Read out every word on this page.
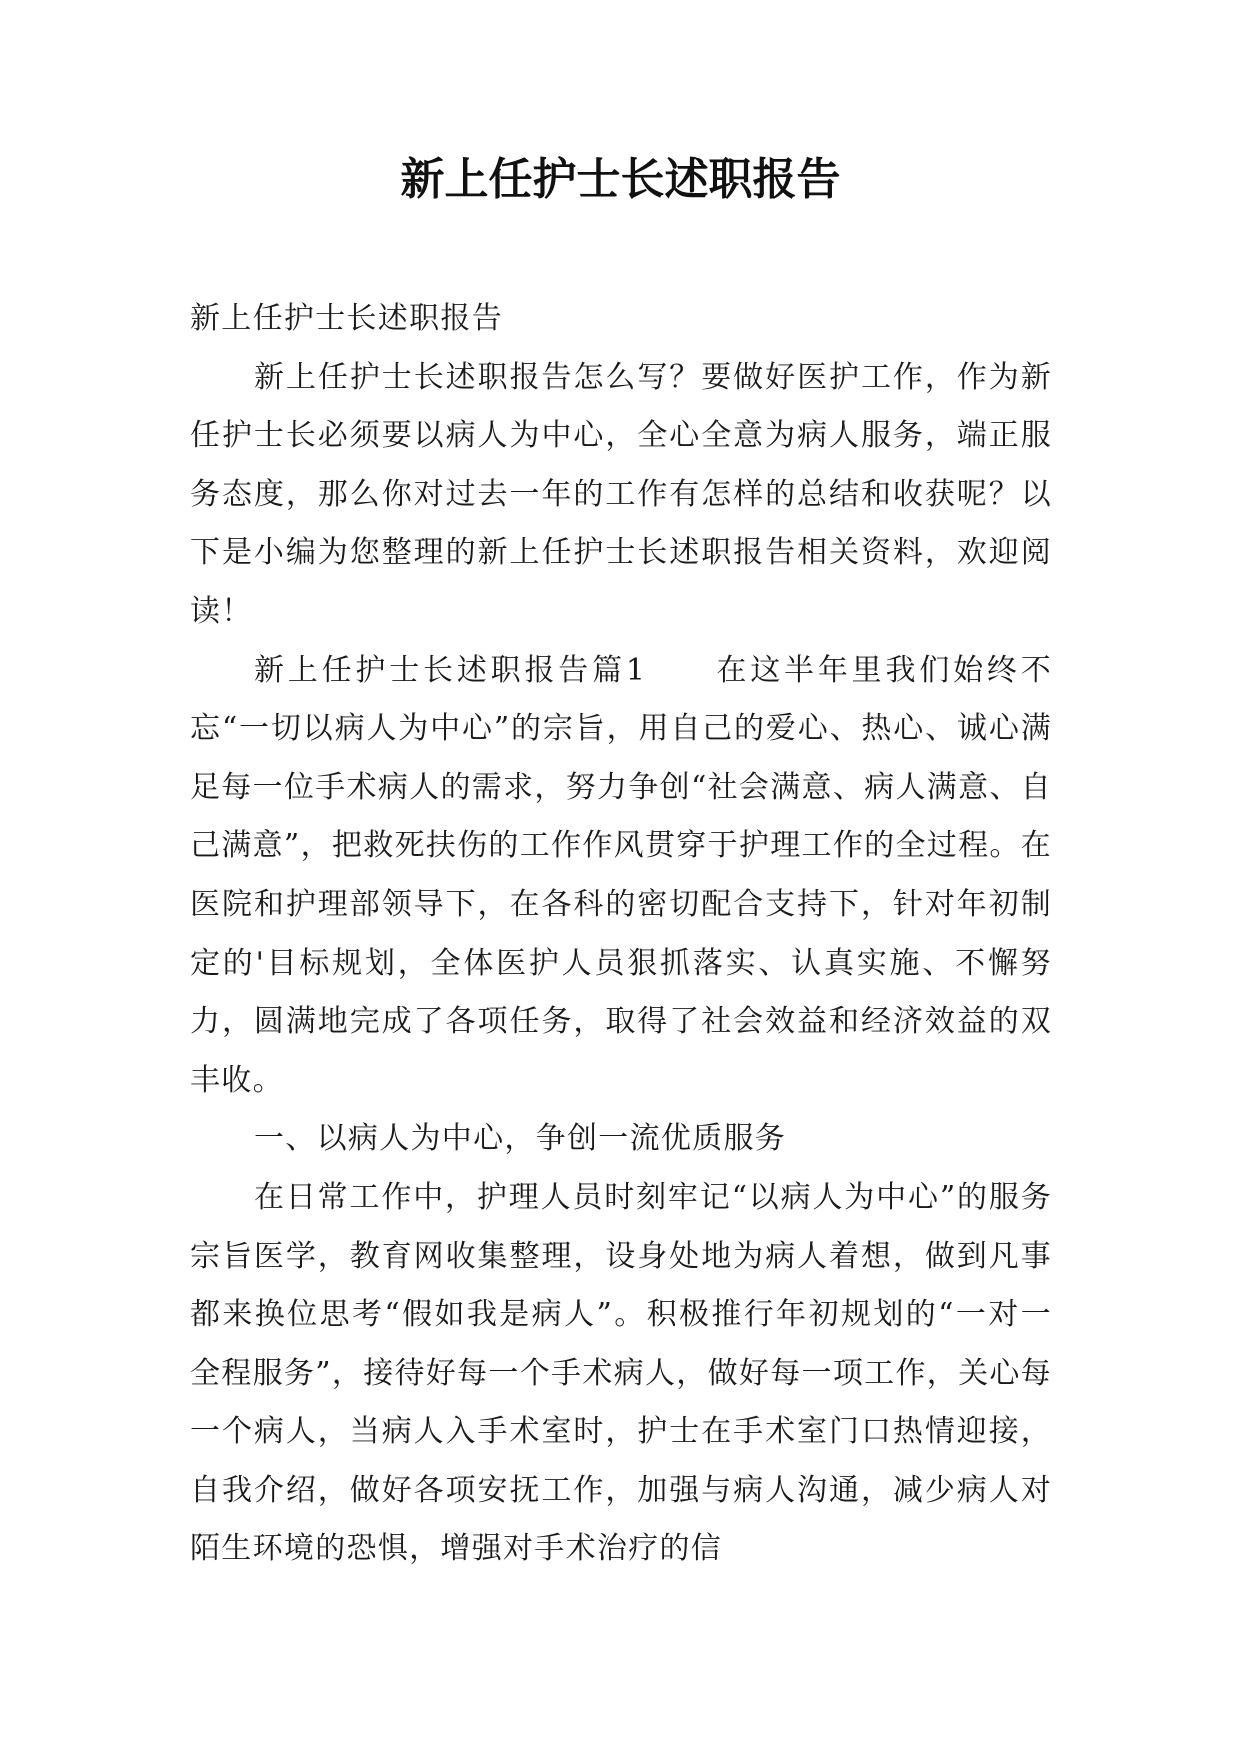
新上任护士长述职报告

新上任护士长述职报告

新上任护士长述职报告怎么写？要做好医护工作，作为新任护士长必须要以病人为中心，全心全意为病人服务，端正服务态度，那么你对过去一年的工作有怎样的总结和收获呢？以下是小编为您整理的新上任护士长述职报告相关资料，欢迎阅读！

新上任护士长述职报告篇1　　在这半年里我们始终不忘“一切以病人为中心”的宗旨，用自己的爱心、热心、诚心满足每一位手术病人的需求，努力争创“社会满意、病人满意、自己满意”，把救死扶伤的工作作风贯穿于护理工作的全过程。在医院和护理部领导下，在各科的密切配合支持下，针对年初制定的'目标规划，全体医护人员狠抓落实、认真实施、不懈努力，圆满地完成了各项任务，取得了社会效益和经济效益的双丰收。

一、以病人为中心，争创一流优质服务

在日常工作中，护理人员时刻牢记“以病人为中心”的服务宗旨医学，教育网收集整理，设身处地为病人着想，做到凡事都来换位思考“假如我是病人”。积极推行年初规划的“一对一全程服务”，接待好每一个手术病人，做好每一项工作，关心每一个病人，当病人入手术室时，护士在手术室门口热情迎接，自我介绍，做好各项安抚工作，加强与病人沟通，减少病人对陌生环境的恐惧，增强对手术治疗的信
